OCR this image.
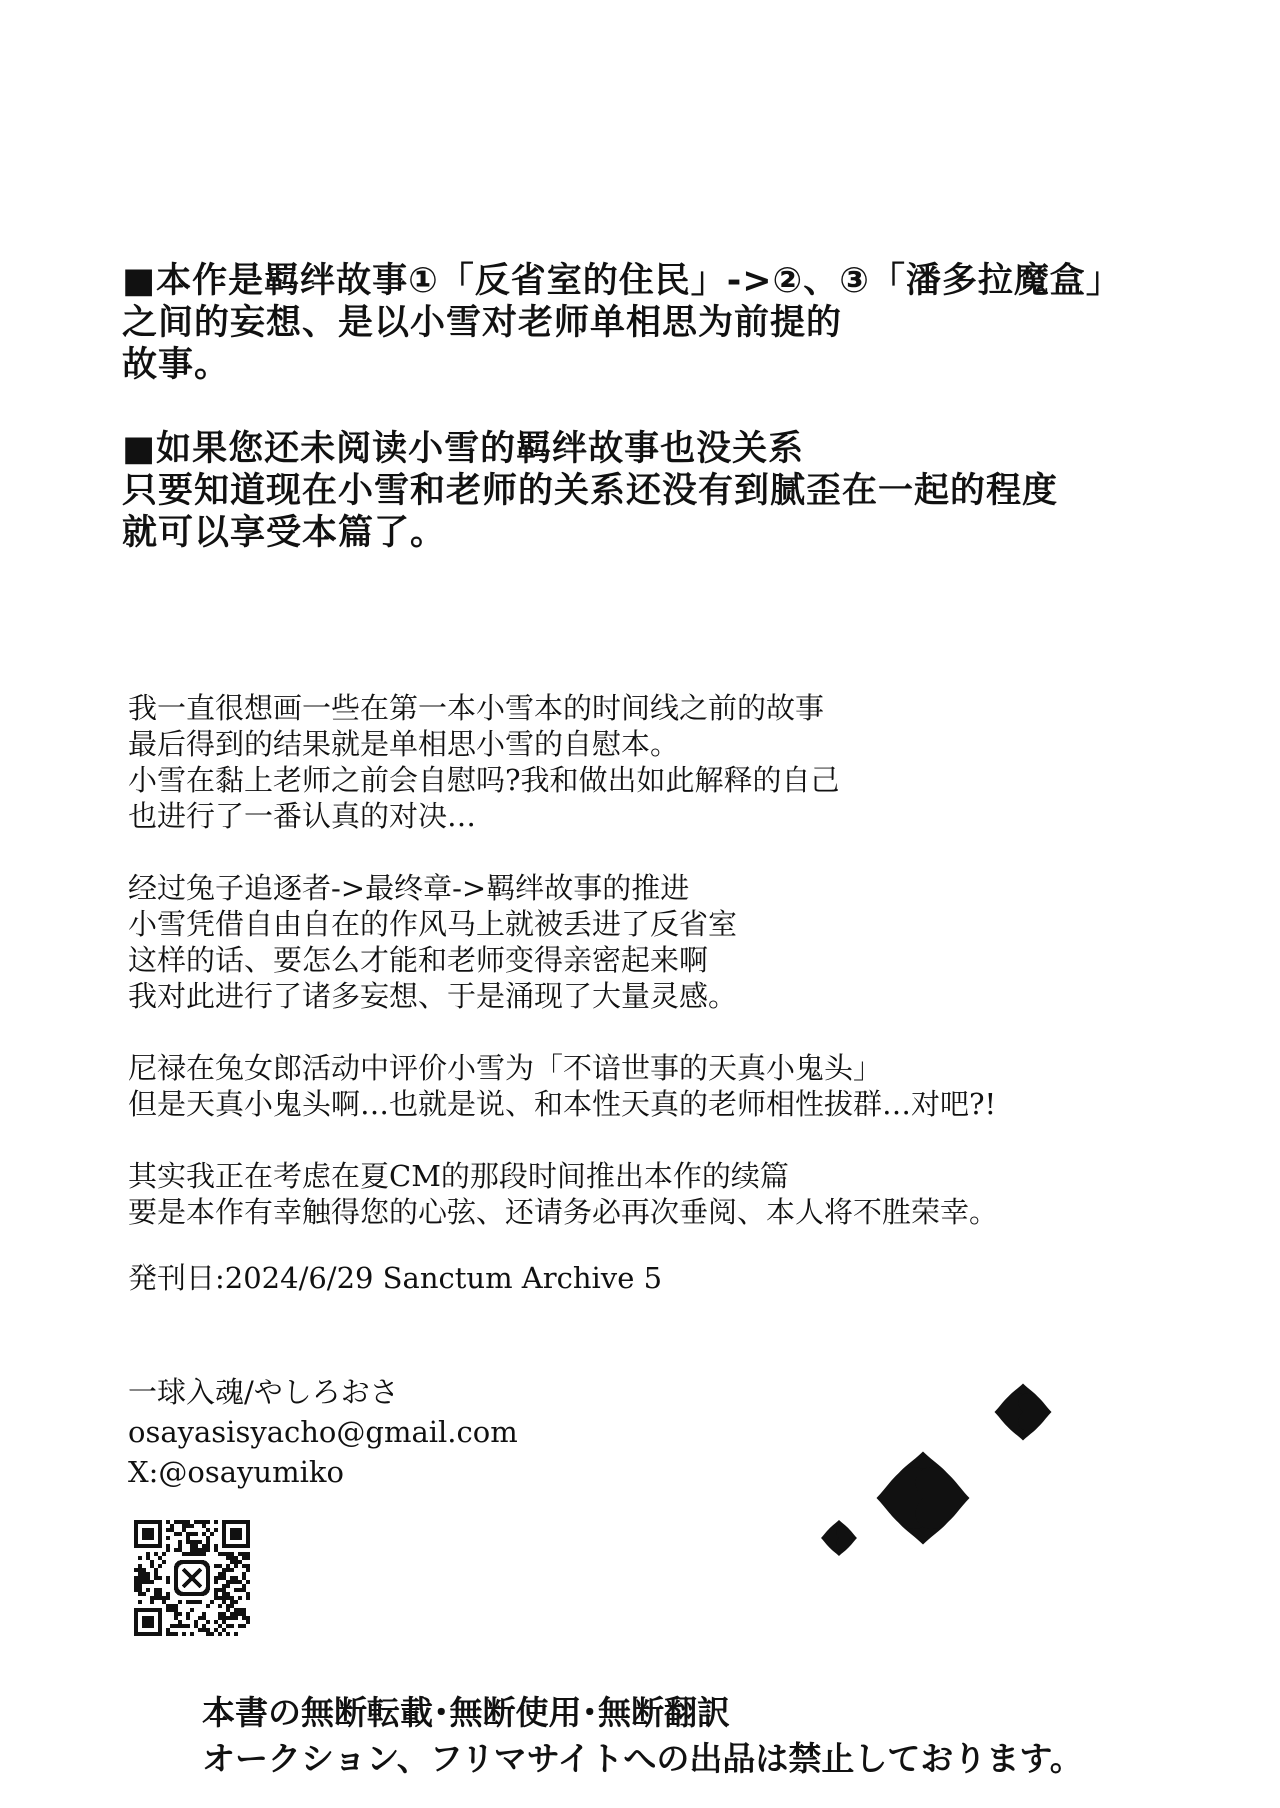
■本作是羁绊故事①「反省室的住民」->②、③「潘多拉魔盒」

之间的妄想、是以小雪对老师单相思为前提的

故事。

■如果您还未阅读小雪的羁绊故事也没关系

只要知道现在小雪和老师的关系还没有到腻歪在一起的程度

就可以享受本篇了。

我一直很想画一些在第一本小雪本的时间线之前的故事

最后得到的结果就是单相思小雪的自慰本。

小雪在黏上老师之前会自慰吗?我和做出如此解释的自己

也进行了一番认真的对决…

经过兔子追逐者->最终章->羁绊故事的推进

小雪凭借自由自在的作风马上就被丢进了反省室

这样的话、要怎么才能和老师变得亲密起来啊

我对此进行了诸多妄想、于是涌现了大量灵感。

尼禄在兔女郎活动中评价小雪为「不谙世事的天真小鬼头」

但是天真小鬼头啊…也就是说、和本性天真的老师相性拔群…对吧?!

其实我正在考虑在夏CM的那段时间推出本作的续篇

要是本作有幸触得您的心弦、还请务必再次垂阅、本人将不胜荣幸。

発刊日:2024/6/29 Sanctum Archive 5

一球入魂/やしろおさ

osayasisyacho@gmail.com

X:@osayumiko

本書の無断転載･無断使用･無断翻訳

オークション、フリマサイトへの出品は禁止しております。
